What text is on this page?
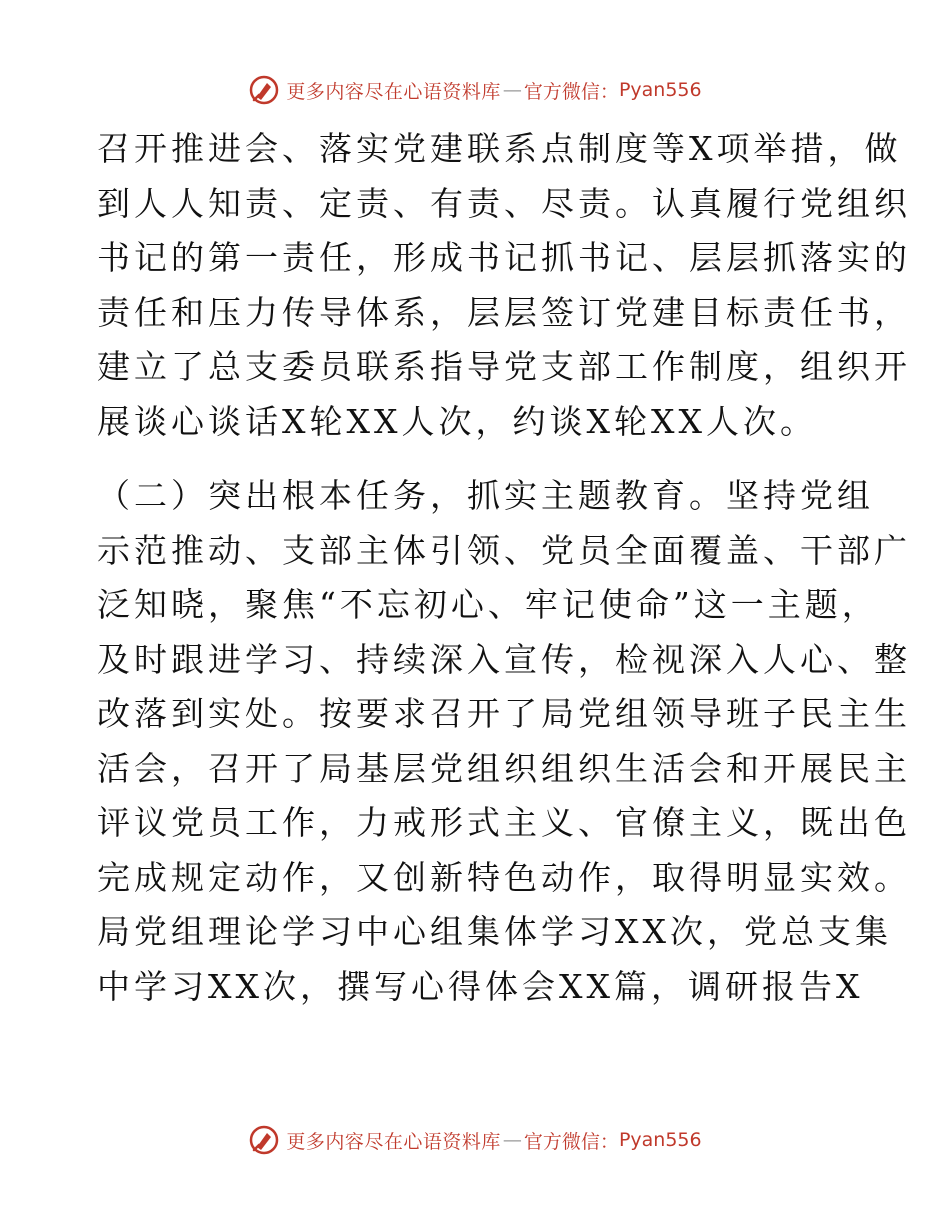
更多内容尽在心语资料库 — 官方微信： Pyan556
召开推进会、落实党建联系点制度等X项举措，做
到人人知责、定责、有责、尽责。认真履行党组织
书记的第一责任，形成书记抓书记、层层抓落实的
责任和压力传导体系，层层签订党建目标责任书，
建立了总支委员联系指导党支部工作制度，组织开
展谈心谈话X轮XX人次，约谈X轮XX人次。
（二）突出根本任务，抓实主题教育。坚持党组
示范推动、支部主体引领、党员全面覆盖、干部广
泛知晓，聚焦“不忘初心、牢记使命”这一主题，
及时跟进学习、持续深入宣传，检视深入人心、整
改落到实处。按要求召开了局党组领导班子民主生
活会，召开了局基层党组织组织生活会和开展民主
评议党员工作，力戒形式主义、官僚主义，既出色
完成规定动作，又创新特色动作，取得明显实效。
局党组理论学习中心组集体学习XX次，党总支集
中学习XX次，撰写心得体会XX篇，调研报告X
更多内容尽在心语资料库 — 官方微信： Pyan556
